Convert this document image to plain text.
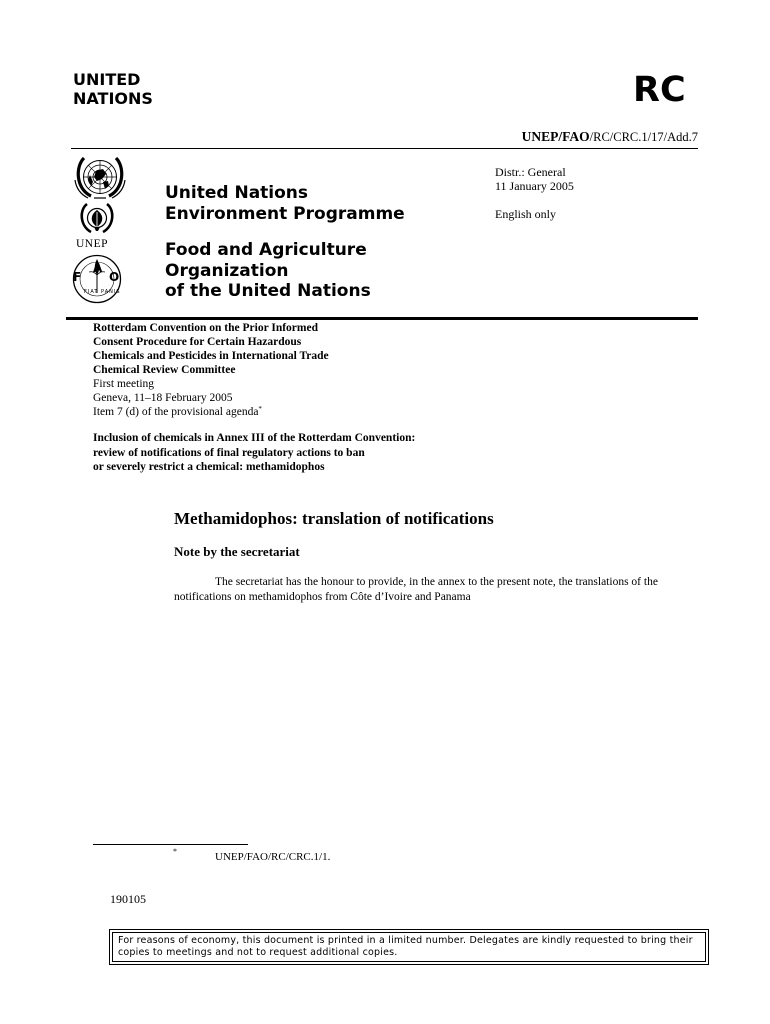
UNITED
NATIONS	RC
UNEP/FAO/RC/CRC.1/17/Add.7
F
A
O
FIAT PANIS
UNEP
United Nations
Environment Programme
Food and Agriculture
Organization
of the United Nations
Distr.: General
11 January 2005
English only
Rotterdam Convention on the Prior Informed
Consent Procedure for Certain Hazardous
Chemicals and Pesticides in International Trade
Chemical Review Committee
First meeting
Geneva, 11–18 February 2005
Item 7 (d) of the provisional agenda*
Inclusion of chemicals in Annex III of the Rotterdam Convention:
review of notifications of final regulatory actions to ban
or severely restrict a chemical: methamidophos
Methamidophos: translation of notifications
Note by the secretariat
The secretariat has the honour to provide, in the annex to the present note, the translations of the notifications on methamidophos from Côte d’Ivoire and Panama
*	UNEP/FAO/RC/CRC.1/1.
190105
For reasons of economy, this document is printed in a limited number. Delegates are kindly requested to bring their copies to meetings and not to request additional copies.
